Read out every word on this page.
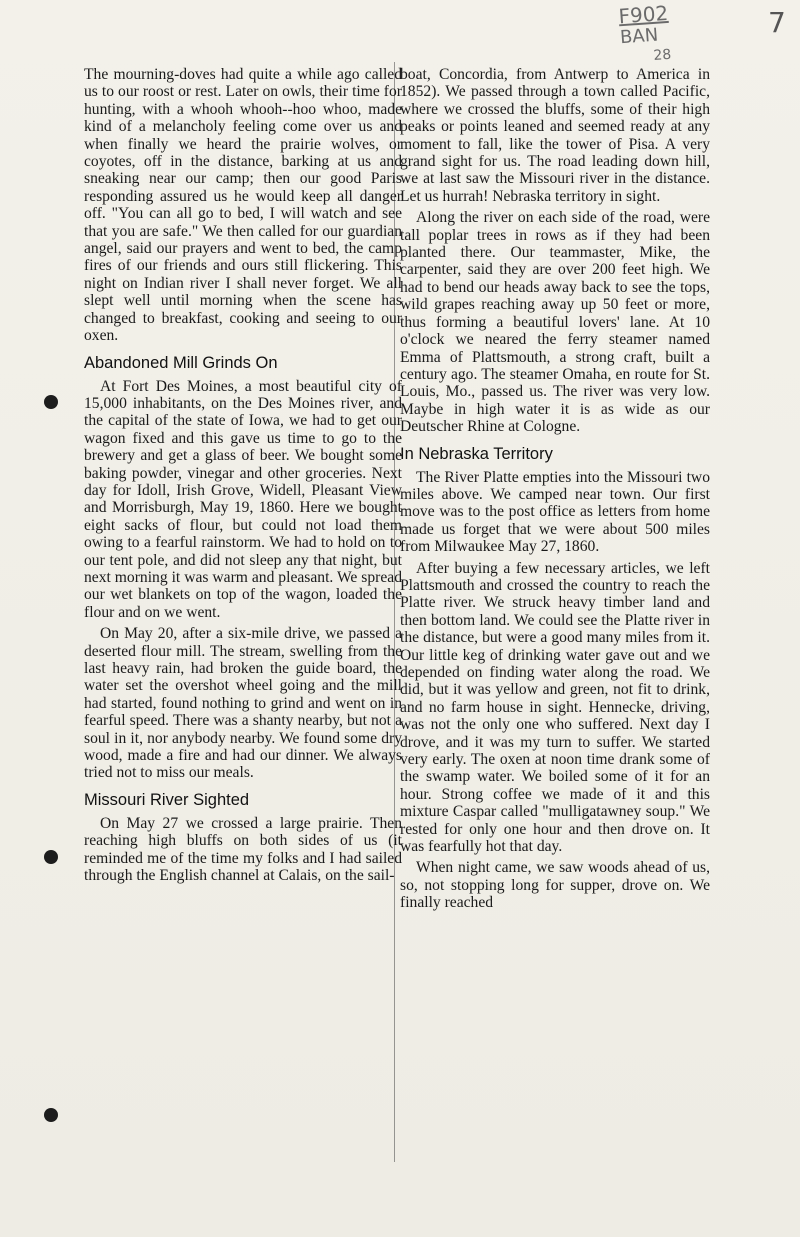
F902
BAN
28
7

The mourning-doves had quite a while ago called us to our roost or rest. Later on owls, their time for hunting, with a whooh whooh--hoo whoo, made kind of a melancholy feeling come over us and when finally we heard the prairie wolves, or coyotes, off in the distance, barking at us and sneaking near our camp; then our good Paris responding assured us he would keep all danger off. "You can all go to bed, I will watch and see that you are safe." We then called for our guardian angel, said our prayers and went to bed, the camp fires of our friends and ours still flickering. This night on Indian river I shall never forget. We all slept well until morning when the scene has changed to breakfast, cooking and seeing to our oxen.

Abandoned Mill Grinds On

At Fort Des Moines, a most beautiful city of 15,000 inhabitants, on the Des Moines river, and the capital of the state of Iowa, we had to get our wagon fixed and this gave us time to go to the brewery and get a glass of beer. We bought some baking powder, vinegar and other groceries. Next day for Idoll, Irish Grove, Widell, Pleasant View and Morrisburgh, May 19, 1860. Here we bought eight sacks of flour, but could not load them owing to a fearful rainstorm. We had to hold on to our tent pole, and did not sleep any that night, but next morning it was warm and pleasant. We spread our wet blankets on top of the wagon, loaded the flour and on we went.

On May 20, after a six-mile drive, we passed a deserted flour mill. The stream, swelling from the last heavy rain, had broken the guide board, the water set the overshot wheel going and the mill had started, found nothing to grind and went on in fearful speed. There was a shanty nearby, but not a soul in it, nor anybody nearby. We found some dry wood, made a fire and had our dinner. We always tried not to miss our meals.

Missouri River Sighted

On May 27 we crossed a large prairie. Then reaching high bluffs on both sides of us (it reminded me of the time my folks and I had sailed through the English channel at Calais, on the sail-

boat, Concordia, from Antwerp to America in 1852). We passed through a town called Pacific, where we crossed the bluffs, some of their high peaks or points leaned and seemed ready at any moment to fall, like the tower of Pisa. A very grand sight for us. The road leading down hill, we at last saw the Missouri river in the distance. Let us hurrah! Nebraska territory in sight.

Along the river on each side of the road, were tall poplar trees in rows as if they had been planted there. Our teammaster, Mike, the carpenter, said they are over 200 feet high. We had to bend our heads away back to see the tops, wild grapes reaching away up 50 feet or more, thus forming a beautiful lovers' lane. At 10 o'clock we neared the ferry steamer named Emma of Plattsmouth, a strong craft, built a century ago. The steamer Omaha, en route for St. Louis, Mo., passed us. The river was very low. Maybe in high water it is as wide as our Deutscher Rhine at Cologne.

In Nebraska Territory

The River Platte empties into the Missouri two miles above. We camped near town. Our first move was to the post office as letters from home made us forget that we were about 500 miles from Milwaukee May 27, 1860.

After buying a few necessary articles, we left Plattsmouth and crossed the country to reach the Platte river. We struck heavy timber land and then bottom land. We could see the Platte river in the distance, but were a good many miles from it. Our little keg of drinking water gave out and we depended on finding water along the road. We did, but it was yellow and green, not fit to drink, and no farm house in sight. Hennecke, driving, was not the only one who suffered. Next day I drove, and it was my turn to suffer. We started very early. The oxen at noon time drank some of the swamp water. We boiled some of it for an hour. Strong coffee we made of it and this mixture Caspar called "mulligatawney soup." We rested for only one hour and then drove on. It was fearfully hot that day.

When night came, we saw woods ahead of us, so, not stopping long for supper, drove on. We finally reached
